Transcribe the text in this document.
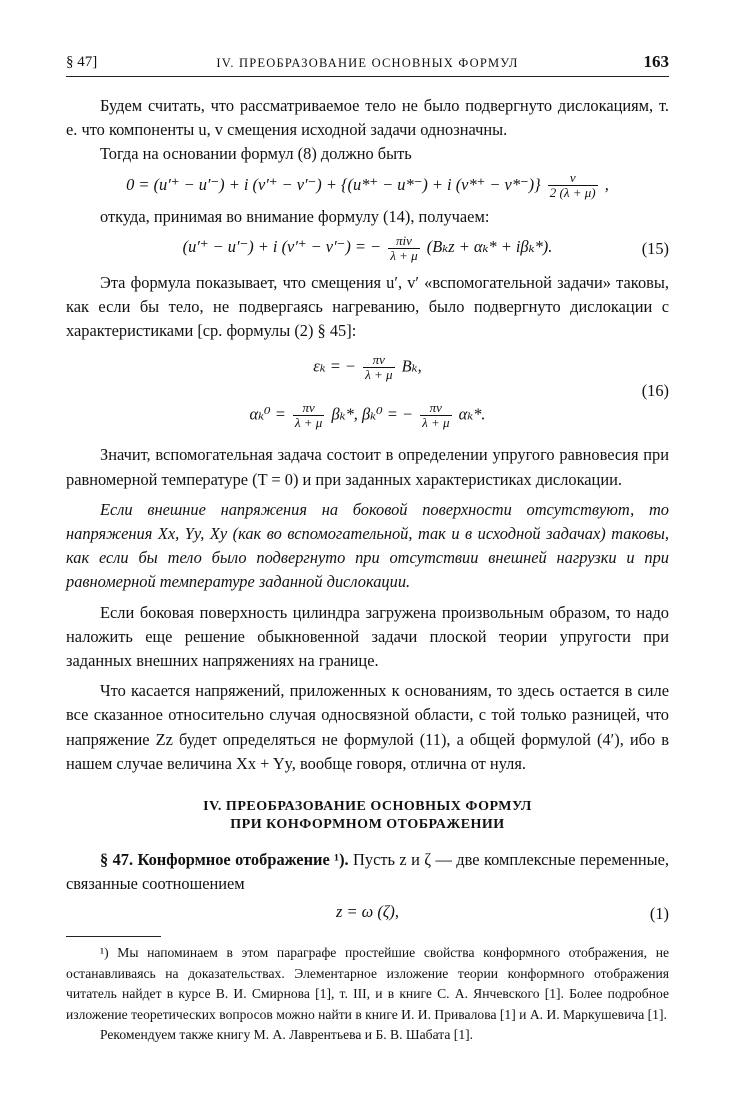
§ 47]	IV. ПРЕОБРАЗОВАНИЕ ОСНОВНЫХ ФОРМУЛ	163

Будем считать, что рассматриваемое тело не было подвергнуто дислокациям, т. е. что компоненты u, v смещения исходной задачи однозначны.

Тогда на основании формул (8) должно быть

0 = (u′⁺ − u′⁻) + i (v′⁺ − v′⁻) + {(u*⁺ − u*⁻) + i $(v*^+ - v*^-)\} \frac{\nu}{2 (\lambda + \mu)}$ ,

откуда, принимая во внимание формулу (14), получаем:

(u′⁺ − u′⁻) + i (v′⁺ − v′⁻) = − $\frac{\text{πiν}}{\lambda + \mu} (B_kz + \alpha_k* + i\beta_k*)$.	(15)

Эта формула показывает, что смещения u′, v′ «вспомогательной задачи» таковы, как если бы тело, не подвергаясь нагреванию, было подвергнуто дислокации с характеристиками [ср. формулы (2) § 45]:

εₖ = − $\frac{\pi\nu}{\lambda + \mu} B_k$,
(16)
$\alpha_k^0 = \frac{\pi\nu}{\lambda + \mu} \beta_k*$, βₖ⁰ = − $\frac{\pi\nu}{\lambda + \mu} \alpha_k*$.

Значит, вспомогательная задача состоит в определении упругого равновесия при равномерной температуре (T = 0) и при заданных характеристиках дислокации.

Если внешние напряжения на боковой поверхности отсутствуют, то напряжения Xx, Yy, Xy (как во вспомогательной, так и в исходной задачах) таковы, как если бы тело было подвергнуто при отсутствии внешней нагрузки и при равномерной температуре заданной дислокации.

Если боковая поверхность цилиндра загружена произвольным образом, то надо наложить еще решение обыкновенной задачи плоской теории упругости при заданных внешних напряжениях на границе.

Что касается напряжений, приложенных к основаниям, то здесь остается в силе все сказанное относительно случая односвязной области, с той только разницей, что напряжение Zz будет определяться не формулой (11), а общей формулой (4′), ибо в нашем случае величина Xx + Yy, вообще говоря, отлична от нуля.

IV. ПРЕОБРАЗОВАНИЕ ОСНОВНЫХ ФОРМУЛ
ПРИ КОНФОРМНОМ ОТОБРАЖЕНИИ

§ 47. Конформное отображение ¹). Пусть z и ζ — две комплексные переменные, связанные соотношением

z = ω (ζ),	(1)

¹) Мы напоминаем в этом параграфе простейшие свойства конформного отображения, не останавливаясь на доказательствах. Элементарное изложение теории конформного отображения читатель найдет в курсе В. И. Смирнова [1], т. III, и в книге С. А. Янчевского [1]. Более подробное изложение теоретических вопросов можно найти в книге И. И. Привалова [1] и А. И. Маркушевича [1].

Рекомендуем также книгу М. А. Лаврентьева и Б. В. Шабата [1].
